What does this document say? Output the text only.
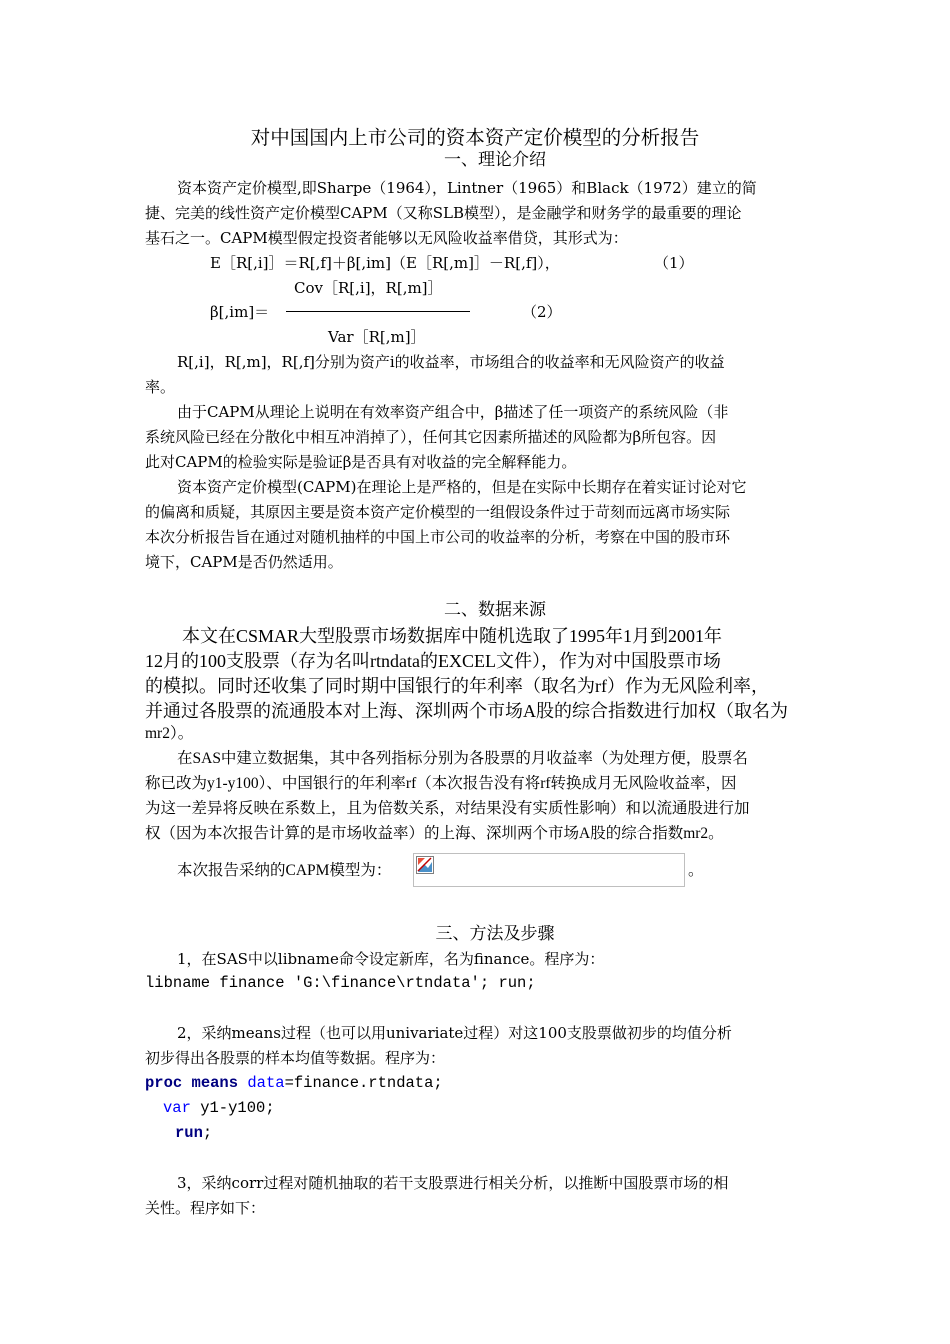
对中国国内上市公司的资本资产定价模型的分析报告
一、理论介绍
资本资产定价模型,即Sharpe（1964），Lintner（1965）和Black（1972）建立的简
捷、完美的线性资产定价模型CAPM（又称SLB模型），是金融学和财务学的最重要的理论
基石之一。CAPM模型假定投资者能够以无风险收益率借贷，其形式为：
E［R[,i]］＝R[,f]＋β[,im]（E［R[,m]］－R[,f]），	（1）
Cov［R[,i]，R[,m]］
β[,im]＝	（2）
Var［R[,m]］
R[,i]，R[,m]，R[,f]分别为资产i的收益率，市场组合的收益率和无风险资产的收益
率。
由于CAPM从理论上说明在有效率资产组合中，β描述了任一项资产的系统风险（非
系统风险已经在分散化中相互冲消掉了），任何其它因素所描述的风险都为β所包容。因
此对CAPM的检验实际是验证β是否具有对收益的完全解释能力。
资本资产定价模型(CAPM)在理论上是严格的，但是在实际中长期存在着实证讨论对它
的偏离和质疑，其原因主要是资本资产定价模型的一组假设条件过于苛刻而远离市场实际
本次分析报告旨在通过对随机抽样的中国上市公司的收益率的分析，考察在中国的股市环
境下，CAPM是否仍然适用。
二、数据来源
本文在CSMAR大型股票市场数据库中随机选取了1995年1月到2001年
12月的100支股票（存为名叫rtndata的EXCEL文件），作为对中国股票市场
的模拟。同时还收集了同时期中国银行的年利率（取名为rf）作为无风险利率，
并通过各股票的流通股本对上海、深圳两个市场A股的综合指数进行加权（取名为
mr2）。
在SAS中建立数据集，其中各列指标分别为各股票的月收益率（为处理方便，股票名
称已改为y1-y100）、中国银行的年利率rf（本次报告没有将rf转换成月无风险收益率，因
为这一差异将反映在系数上，且为倍数关系，对结果没有实质性影响）和以流通股进行加
权（因为本次报告计算的是市场收益率）的上海、深圳两个市场A股的综合指数mr2。
本次报告采纳的CAPM模型为：	。
三、方法及步骤
1，在SAS中以libname命令设定新库，名为finance。程序为：
libname finance 'G:\finance\rtndata'; run;
2，采纳means过程（也可以用univariate过程）对这100支股票做初步的均值分析
初步得出各股票的样本均值等数据。程序为：
proc means data=finance.rtndata;
var y1-y100;
run;
3，采纳corr过程对随机抽取的若干支股票进行相关分析，以推断中国股票市场的相
关性。程序如下：
